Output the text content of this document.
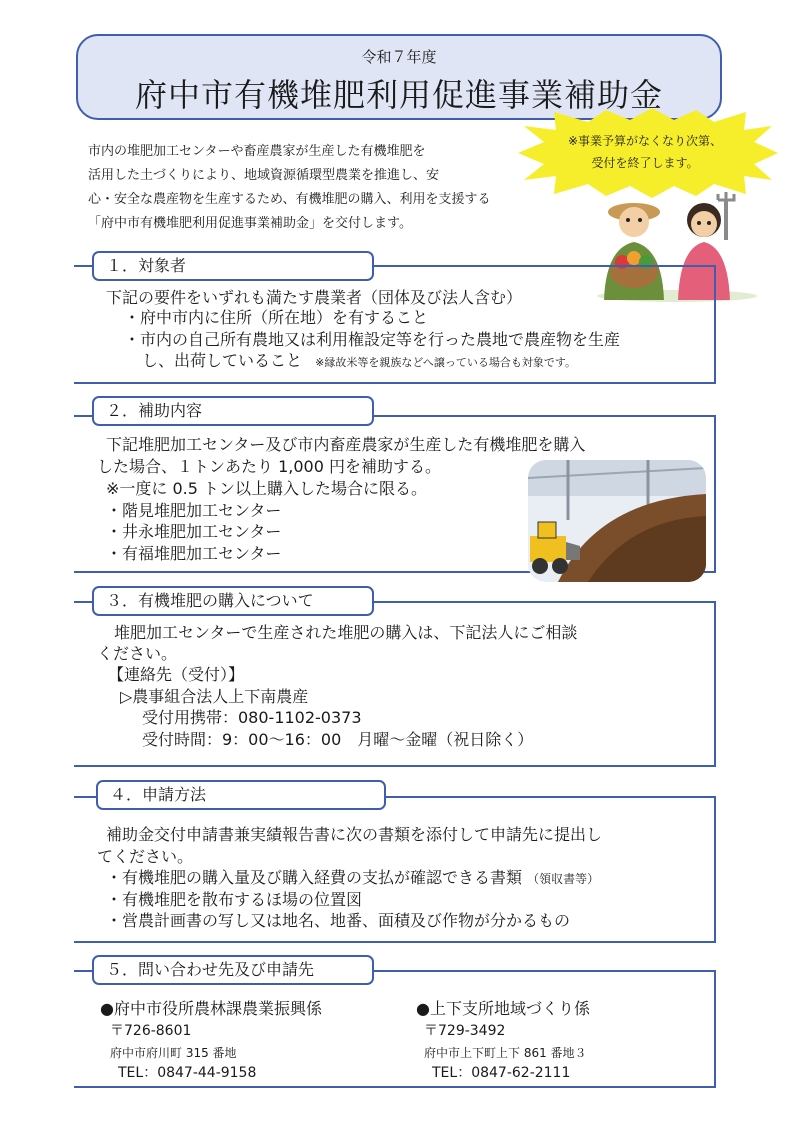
令和７年度
府中市有機堆肥利用促進事業補助金
市内の堆肥加工センターや畜産農家が生産した有機堆肥を
活用した土づくりにより、地域資源循環型農業を推進し、安
心・安全な農産物を生産するため、有機堆肥の購入、利用を支援する
「府中市有機堆肥利用促進事業補助金」を交付します。
※事業予算がなくなり次第、
受付を終了します。
１．対象者
下記の要件をいずれも満たす農業者（団体及び法人含む）
・府中市内に住所（所在地）を有すること
・市内の自己所有農地又は利用権設定等を行った農地で農産物を生産
し、出荷していること ※縁故米等を親族などへ譲っている場合も対象です。
２．補助内容
下記堆肥加工センター及び市内畜産農家が生産した有機堆肥を購入
した場合、１トンあたり 1,000 円を補助する。
※一度に 0.5 トン以上購入した場合に限る。
・階見堆肥加工センター
・井永堆肥加工センター
・有福堆肥加工センター
３．有機堆肥の購入について
堆肥加工センターで生産された堆肥の購入は、下記法人にご相談
ください。
【連絡先（受付）】
▷農事組合法人上下南農産
受付用携帯：080-1102-0373
受付時間：9：00～16：00　月曜～金曜（祝日除く）
４．申請方法
補助金交付申請書兼実績報告書に次の書類を添付して申請先に提出し
てください。
・有機堆肥の購入量及び購入経費の支払が確認できる書類 （領収書等）
・有機堆肥を散布するほ場の位置図
・営農計画書の写し又は地名、地番、面積及び作物が分かるもの
５．問い合わせ先及び申請先
●府中市役所農林課農業振興係
〒726-8601
府中市府川町 315 番地
TEL：0847-44-9158
●上下支所地域づくり係
〒729-3492
府中市上下町上下 861 番地３
TEL：0847-62-2111
